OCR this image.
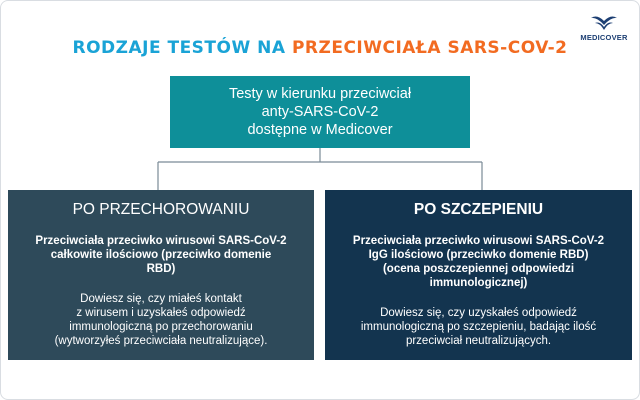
MEDICOVER
RODZAJE TESTÓW NA PRZECIWCIAŁA SARS-COV-2
Testy w kierunku przeciwciał
anty-SARS-CoV-2
dostępne w Medicover
PO PRZECHOROWANIU
Przeciwciała przeciwko wirusowi SARS-CoV-2
całkowite ilościowo (przeciwko domenie
RBD)
Dowiesz się, czy miałeś kontakt
z wirusem i uzyskałeś odpowiedź
immunologiczną po przechorowaniu
(wytworzyłeś przeciwciała neutralizujące).
PO SZCZEPIENIU
Przeciwciała przeciwko wirusowi SARS-CoV-2
IgG ilościowo (przeciwko domenie RBD)
(ocena poszczepiennej odpowiedzi
immunologicznej)
Dowiesz się, czy uzyskałeś odpowiedź
immunologiczną po szczepieniu, badając ilość
przeciwciał neutralizujących.
